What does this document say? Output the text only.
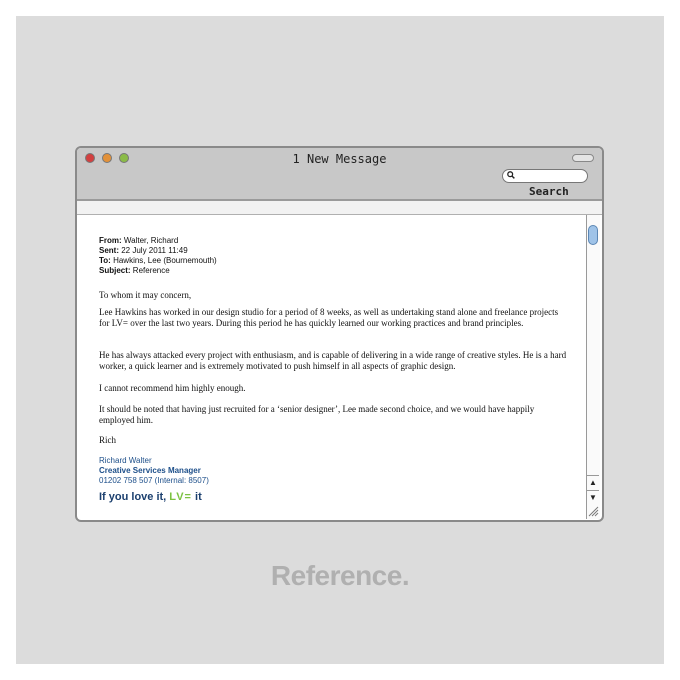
1 New Message
Search
From: Walter, Richard
Sent: 22 July 2011 11:49
To: Hawkins, Lee (Bournemouth)
Subject: Reference

To whom it may concern,

Lee Hawkins has worked in our design studio for a period of 8 weeks, as well as undertaking stand alone and freelance projects for LV= over the last two years. During this period he has quickly learned our working practices and brand principles.

He has always attacked every project with enthusiasm, and is capable of delivering in a wide range of creative styles. He is a hard worker, a quick learner and is extremely motivated to push himself in all aspects of graphic design.

I cannot recommend him highly enough.

It should be noted that having just recruited for a ‘senior designer’, Lee made second choice, and we would have happily employed him.

Rich

Richard Walter
Creative Services Manager
01202 758 507 (Internal: 8507)
If you love it, LV= it
▲
▼
Reference.
